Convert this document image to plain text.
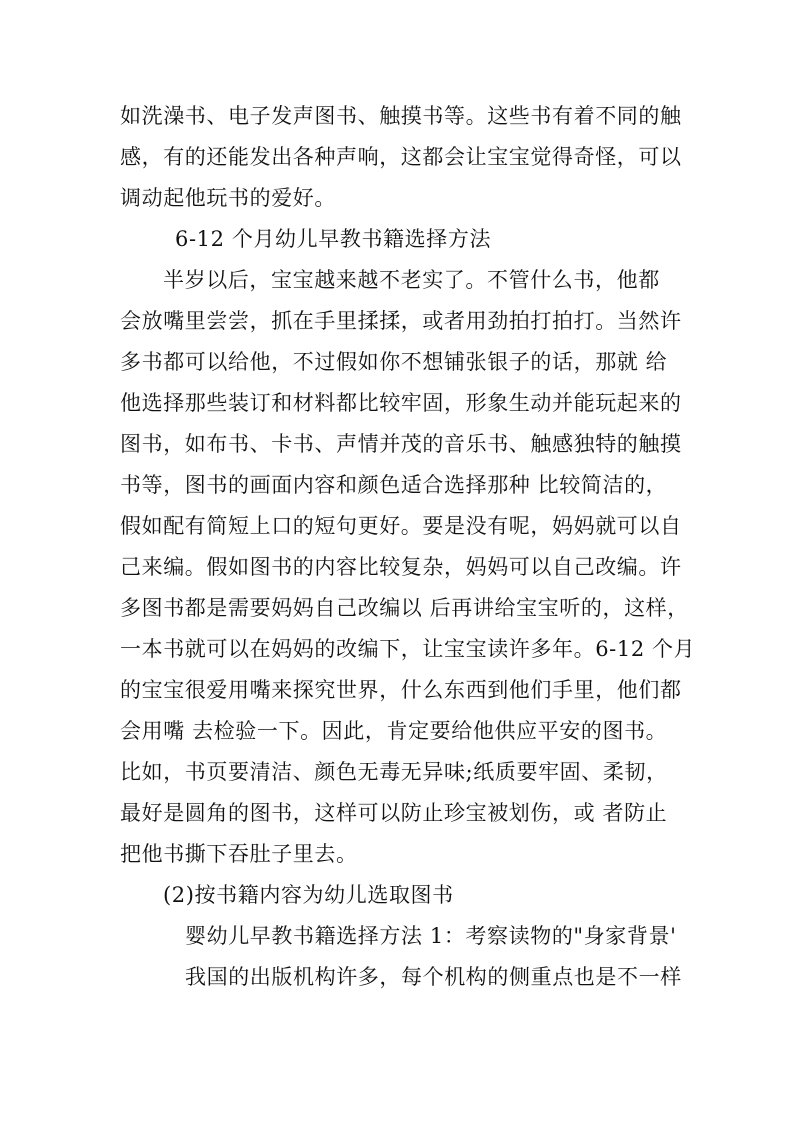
如洗澡书、电子发声图书、触摸书等。这些书有着不同的触
感，有的还能发出各种声响，这都会让宝宝觉得奇怪，可以
调动起他玩书的爱好。
6-12 个月幼儿早教书籍选择方法
半岁以后，宝宝越来越不老实了。不管什么书，他都
会放嘴里尝尝，抓在手里揉揉，或者用劲拍打拍打。当然许
多书都可以给他，不过假如你不想铺张银子的话，那就 给
他选择那些装订和材料都比较牢固，形象生动并能玩起来的
图书，如布书、卡书、声情并茂的音乐书、触感独特的触摸
书等，图书的画面内容和颜色适合选择那种 比较简洁的，
假如配有简短上口的短句更好。要是没有呢，妈妈就可以自
己来编。假如图书的内容比较复杂，妈妈可以自己改编。许
多图书都是需要妈妈自己改编以 后再讲给宝宝听的，这样，
一本书就可以在妈妈的改编下，让宝宝读许多年。6-12 个月
的宝宝很爱用嘴来探究世界，什么东西到他们手里，他们都
会用嘴 去检验一下。因此，肯定要给他供应平安的图书。
比如，书页要清洁、颜色无毒无异味;纸质要牢固、柔韧，
最好是圆角的图书，这样可以防止珍宝被划伤，或 者防止
把他书撕下吞肚子里去。
(2)按书籍内容为幼儿选取图书
婴幼儿早教书籍选择方法 1：考察读物的"身家背景'
我国的出版机构许多，每个机构的侧重点也是不一样
